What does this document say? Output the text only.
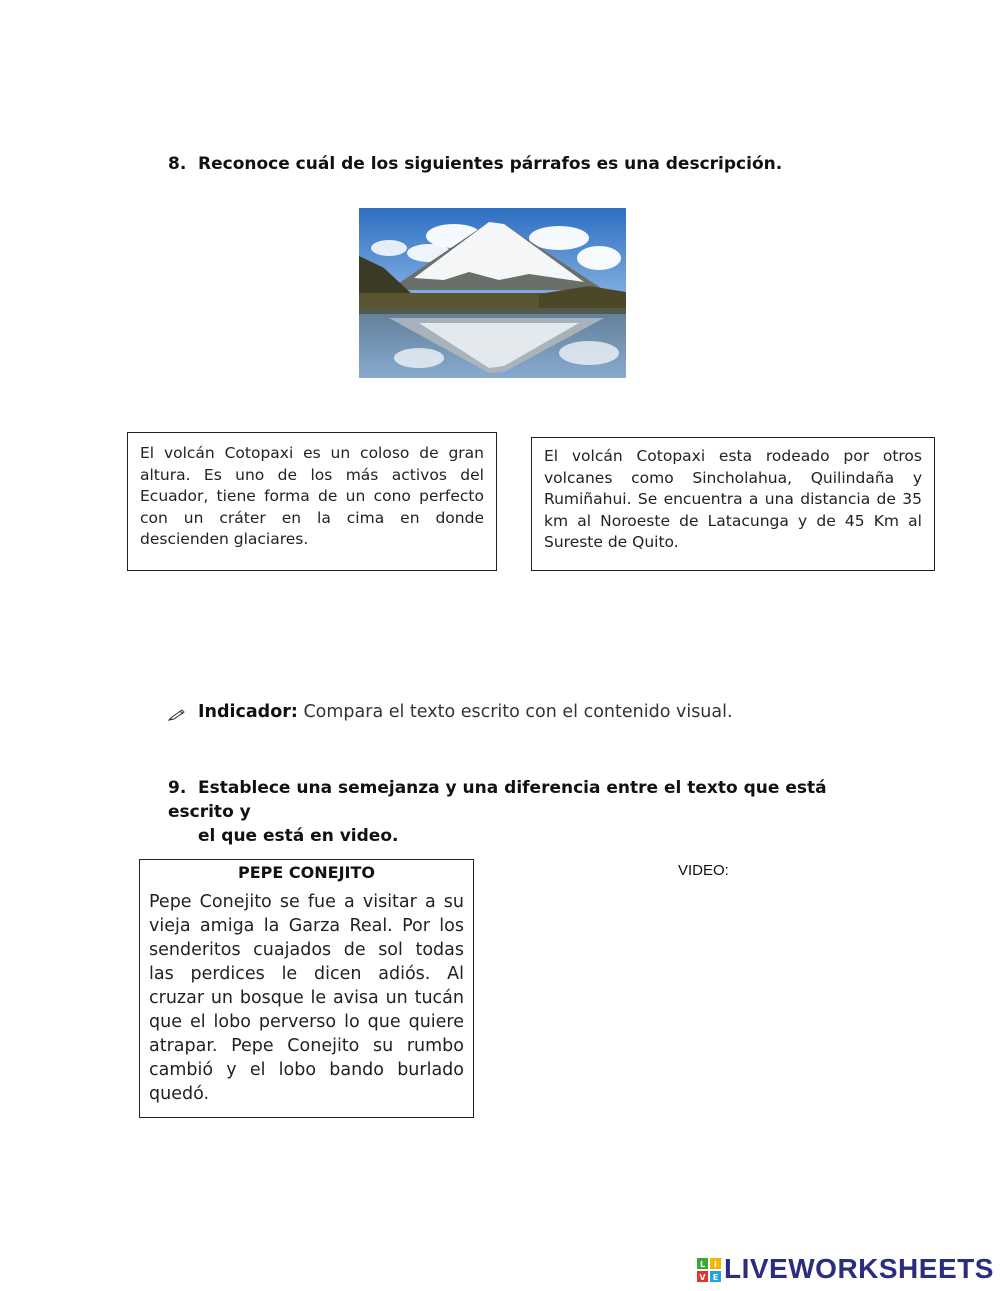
8. Reconoce cuál de los siguientes párrafos es una descripción.
El volcán Cotopaxi es un coloso de gran altura. Es uno de los más activos del Ecuador, tiene forma de un cono perfecto con un cráter en la cima en donde descienden glaciares.
El volcán Cotopaxi esta rodeado por otros volcanes como Sincholahua, Quilindaña y Rumiñahui. Se encuentra a una distancia de 35 km al Noroeste de Latacunga y de 45 Km al Sureste de Quito.
Indicador: Compara el texto escrito con el contenido visual.
9. Establece una semejanza y una diferencia entre el texto que está escrito y
el que está en video.
PEPE CONEJITO
Pepe Conejito se fue a visitar a su vieja amiga la Garza Real. Por los senderitos cuajados de sol todas las perdices le dicen adiós. Al cruzar un bosque le avisa un tucán que el lobo perverso lo que quiere atrapar. Pepe Conejito su rumbo cambió y el lobo bando burlado quedó.
VIDEO:
L I
V E LIVEWORKSHEETS
